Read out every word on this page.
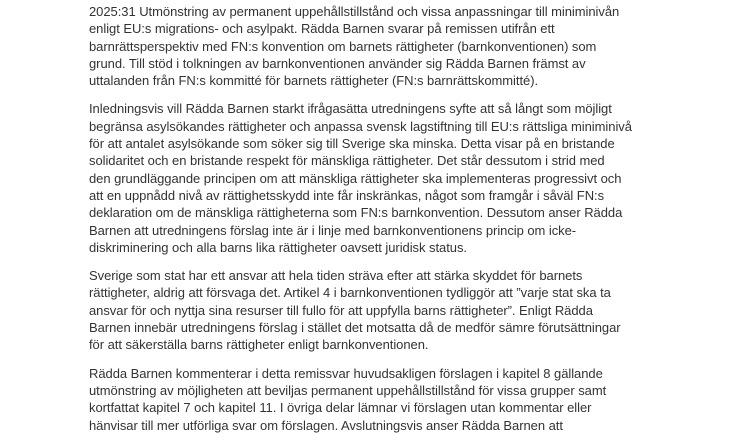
2025:31 Utmönstring av permanent uppehållstillstånd och vissa anpassningar till miniminivån
enligt EU:s migrations- och asylpakt. Rädda Barnen svarar på remissen utifrån ett
barnrättsperspektiv med FN:s konvention om barnets rättigheter (barnkonventionen) som
grund. Till stöd i tolkningen av barnkonventionen använder sig Rädda Barnen främst av
uttalanden från FN:s kommitté för barnets rättigheter (FN:s barnrättskommitté).

Inledningsvis vill Rädda Barnen starkt ifrågasätta utredningens syfte att så långt som möjligt
begränsa asylsökandes rättigheter och anpassa svensk lagstiftning till EU:s rättsliga miniminivå
för att antalet asylsökande som söker sig till Sverige ska minska. Detta visar på en bristande
solidaritet och en bristande respekt för mänskliga rättigheter. Det står dessutom i strid med
den grundläggande principen om att mänskliga rättigheter ska implementeras progressivt och
att en uppnådd nivå av rättighetsskydd inte får inskränkas, något som framgår i såväl FN:s
deklaration om de mänskliga rättigheterna som FN:s barnkonvention. Dessutom anser Rädda
Barnen att utredningens förslag inte är i linje med barnkonventionens princip om icke-
diskriminering och alla barns lika rättigheter oavsett juridisk status.

Sverige som stat har ett ansvar att hela tiden sträva efter att stärka skyddet för barnets
rättigheter, aldrig att försvaga det. Artikel 4 i barnkonventionen tydliggör att ”varje stat ska ta
ansvar för och nyttja sina resurser till fullo för att uppfylla barns rättigheter”. Enligt Rädda
Barnen innebär utredningens förslag i stället det motsatta då de medför sämre förutsättningar
för att säkerställa barns rättigheter enligt barnkonventionen.

Rädda Barnen kommenterar i detta remissvar huvudsakligen förslagen i kapitel 8 gällande
utmönstring av möjligheten att beviljas permanent uppehållstillstånd för vissa grupper samt
kortfattat kapitel 7 och kapitel 11. I övriga delar lämnar vi förslagen utan kommentar eller
hänvisar till mer utförliga svar om förslagen. Avslutningsvis anser Rädda Barnen att
